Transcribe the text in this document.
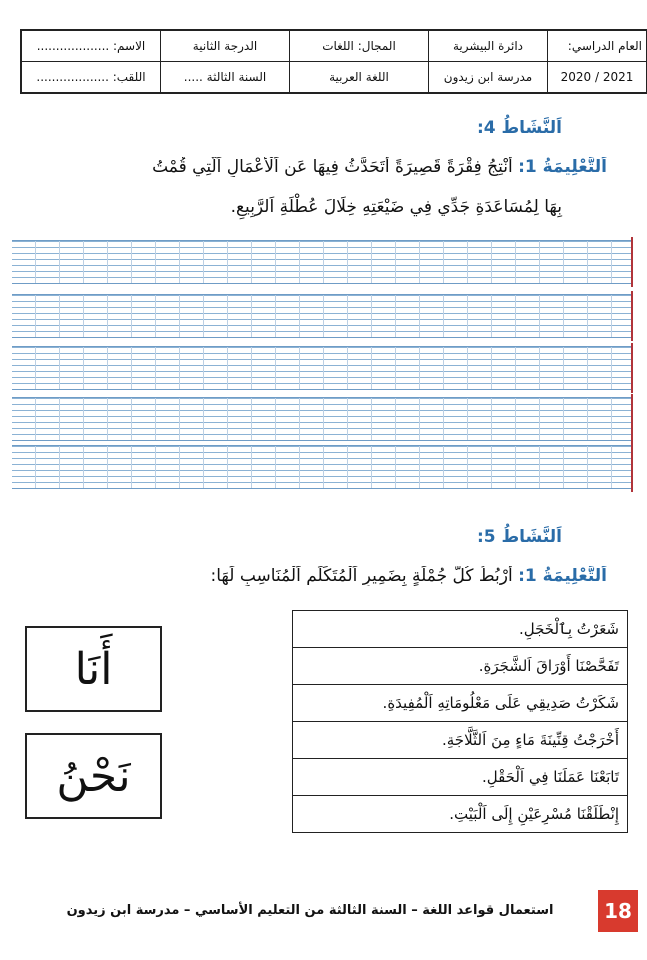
العام الدراسي:	دائرة البيشرية	المجال: اللغات	الدرجة الثانية	الاسم: ...................
2021 / 2020	مدرسة ابن زيدون	اللغة العربية	السنة الثالثة .....	اللقب: ...................
اَلنَّشَاطُ 4:
اَلتَّعْلِيمَةُ 1: أَنْتِجُ فِقْرَةً قَصِيرَةً أَتَحَدَّثُ فِيهَا عَنِ اَلْأَعْمَالِ اَلَّتِي قُمْتُ
بِهَا لِمُسَاعَدَةِ جَدِّي فِي ضَيْعَتِهِ خِلَالَ عُطْلَةِ اَلرَّبِيعِ.
اَلنَّشَاطُ 5:
اَلتَّعْلِيمَةُ 1: أَرْبُطُ كُلَّ جُمْلَةٍ بِضَمِيرِ اَلْمُتَكَلِّمِ اَلْمُنَاسِبِ لَهَا:
أَنَا
نَحْنُ
شَعَرْتُ بِٱلْخَجَلِ.
تَفَحَّصْنَا أَوْرَاقَ اَلشَّجَرَةِ.
شَكَرْتُ صَدِيقِي عَلَى مَعْلُومَاتِهِ اَلْمُفِيدَةِ.
أَخْرَجْتُ قِنِّينَةَ مَاءٍ مِنَ اَلثَّلَّاجَةِ.
تَابَعْنَا عَمَلَنَا فِي اَلْحَقْلِ.
إِنْطَلَقْنَا مُسْرِعَيْنِ إِلَى اَلْبَيْتِ.
استعمال قواعد اللغة – السنة الثالثة من التعليم الأساسي – مدرسة ابن زيدون	18
